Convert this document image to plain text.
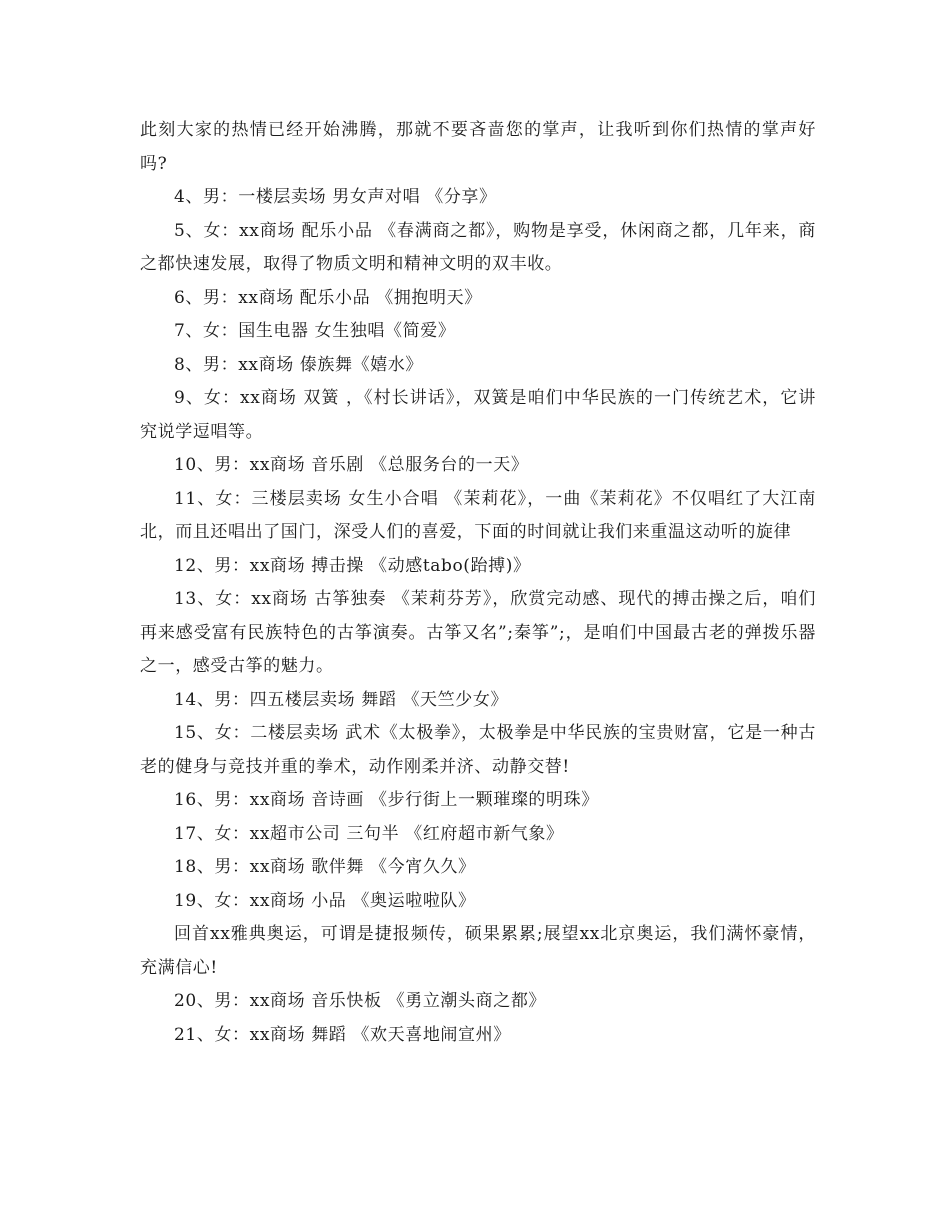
此刻大家的热情已经开始沸腾，那就不要吝啬您的掌声，让我听到你们热情的掌声好吗?

4、男：一楼层卖场 男女声对唱 《分享》

5、女：xx商场 配乐小品 《春满商之都》，购物是享受，休闲商之都，几年来，商之都快速发展，取得了物质文明和精神文明的双丰收。

6、男：xx商场 配乐小品 《拥抱明天》

7、女：国生电器 女生独唱《简爱》

8、男：xx商场 傣族舞《嬉水》

9、女：xx商场 双簧 ，《村长讲话》，双簧是咱们中华民族的一门传统艺术，它讲究说学逗唱等。

10、男：xx商场 音乐剧 《总服务台的一天》

11、女：三楼层卖场 女生小合唱 《茉莉花》，一曲《茉莉花》不仅唱红了大江南北，而且还唱出了国门，深受人们的喜爱，下面的时间就让我们来重温这动听的旋律

12、男：xx商场 搏击操 《动感tabo(跆搏)》

13、女：xx商场 古筝独奏 《茉莉芬芳》，欣赏完动感、现代的搏击操之后，咱们再来感受富有民族特色的古筝演奏。古筝又名”;秦筝”;，是咱们中国最古老的弹拨乐器之一，感受古筝的魅力。

14、男：四五楼层卖场 舞蹈 《天竺少女》

15、女：二楼层卖场 武术《太极拳》，太极拳是中华民族的宝贵财富，它是一种古老的健身与竞技并重的拳术，动作刚柔并济、动静交替!

16、男：xx商场 音诗画 《步行街上一颗璀璨的明珠》

17、女：xx超市公司 三句半 《红府超市新气象》

18、男：xx商场 歌伴舞 《今宵久久》

19、女：xx商场 小品 《奥运啦啦队》

回首xx雅典奥运，可谓是捷报频传，硕果累累;展望xx北京奥运，我们满怀豪情，充满信心!

20、男：xx商场 音乐快板 《勇立潮头商之都》

21、女：xx商场 舞蹈 《欢天喜地闹宣州》
